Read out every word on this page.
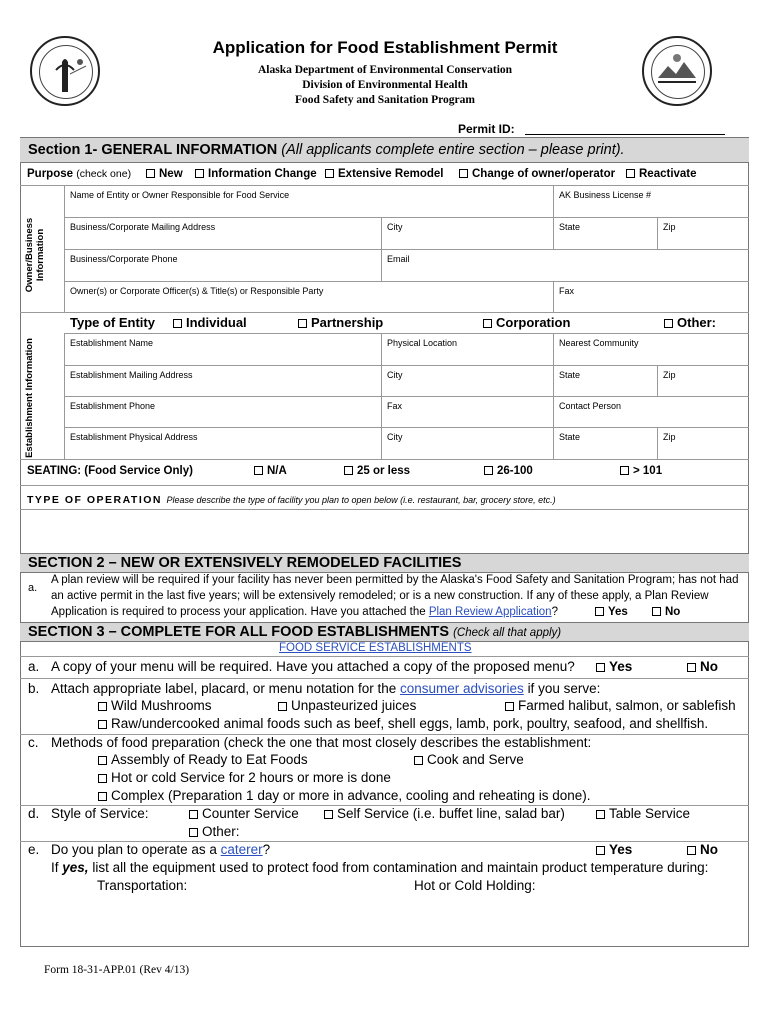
Application for Food Establishment Permit
Alaska Department of Environmental Conservation
Division of Environmental Health
Food Safety and Sanitation Program
Permit ID:
Section 1- GENERAL INFORMATION (All applicants complete entire section – please print).
Purpose (check one)	New	Information Change	Extensive Remodel	Change of owner/operator	Reactivate
Owner/Business Information
Name of Entity or Owner Responsible for Food Service	AK Business License #
Business/Corporate Mailing Address	City	State	Zip
Business/Corporate Phone	Email
Owner(s) or Corporate Officer(s) & Title(s) or Responsible Party	Fax
Type of Entity	Individual	Partnership	Corporation	Other:
Establishment Information	Establishment Name	Physical Location	Nearest Community
Establishment Mailing Address	City	State	Zip
Establishment Phone	Fax	Contact Person
Establishment Physical Address	City	State	Zip
SEATING: (Food Service Only)	N/A	25 or less	26-100	> 101
TYPE OF OPERATION Please describe the type of facility you plan to open below (i.e. restaurant, bar, grocery store, etc.)
SECTION 2 – NEW OR EXTENSIVELY REMODELED FACILITIES
a.
A plan review will be required if your facility has never been permitted by the Alaska's Food Safety and Sanitation Program; has not had
an active permit in the last five years; will be extensively remodeled; or is a new construction. If any of these apply, a Plan Review
Application is required to process your application. Have you attached the Plan Review Application?	Yes	No
SECTION 3 – COMPLETE FOR ALL FOOD ESTABLISHMENTS (Check all that apply)
FOOD SERVICE ESTABLISHMENTS
a. A copy of your menu will be required. Have you attached a copy of the proposed menu?	Yes	No
b. Attach appropriate label, placard, or menu notation for the consumer advisories if you serve:
Wild Mushrooms	Unpasteurized juices	Farmed halibut, salmon, or sablefish
Raw/undercooked animal foods such as beef, shell eggs, lamb, pork, poultry, seafood, and shellfish.
c. Methods of food preparation (check the one that most closely describes the establishment:
Assembly of Ready to Eat Foods	Cook and Serve
Hot or cold Service for 2 hours or more is done
Complex (Preparation 1 day or more in advance, cooling and reheating is done).
d. Style of Service:	Counter Service	Self Service (i.e. buffet line, salad bar)	Table Service
Other:
e. Do you plan to operate as a caterer?	Yes	No
If yes, list all the equipment used to protect food from contamination and maintain product temperature during:
Transportation:	Hot or Cold Holding:
Form 18-31-APP.01 (Rev 4/13)
